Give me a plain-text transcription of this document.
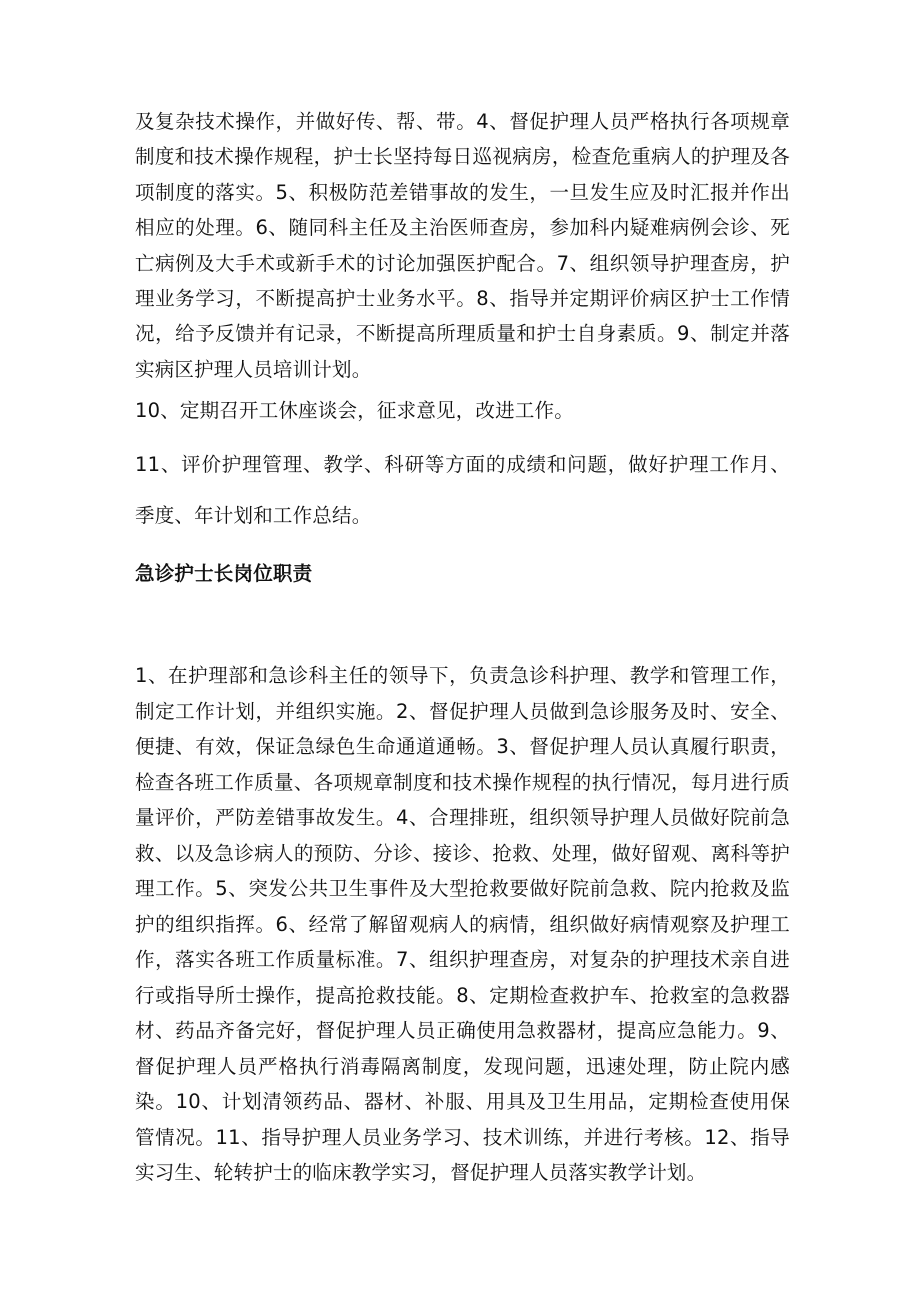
及复杂技术操作，并做好传、帮、带。4、督促护理人员严格执行各项规章制度和技术操作规程，护士长坚持每日巡视病房，检查危重病人的护理及各项制度的落实。5、积极防范差错事故的发生，一旦发生应及时汇报并作出相应的处理。6、随同科主任及主治医师查房，参加科内疑难病例会诊、死亡病例及大手术或新手术的讨论加强医护配合。7、组织领导护理查房，护理业务学习，不断提高护士业务水平。8、指导并定期评价病区护士工作情况，给予反馈并有记录，不断提高所理质量和护士自身素质。9、制定并落实病区护理人员培训计划。

10、定期召开工休座谈会，征求意见，改进工作。

11、评价护理管理、教学、科研等方面的成绩和问题，做好护理工作月、季度、年计划和工作总结。

急诊护士长岗位职责

1、在护理部和急诊科主任的领导下，负责急诊科护理、教学和管理工作，制定工作计划，并组织实施。2、督促护理人员做到急诊服务及时、安全、便捷、有效，保证急绿色生命通道通畅。3、督促护理人员认真履行职责，检查各班工作质量、各项规章制度和技术操作规程的执行情况，每月进行质量评价，严防差错事故发生。4、合理排班，组织领导护理人员做好院前急救、以及急诊病人的预防、分诊、接诊、抢救、处理，做好留观、离科等护理工作。5、突发公共卫生事件及大型抢救要做好院前急救、院内抢救及监护的组织指挥。6、经常了解留观病人的病情，组织做好病情观察及护理工作，落实各班工作质量标准。7、组织护理查房，对复杂的护理技术亲自进行或指导所士操作，提高抢救技能。8、定期检查救护车、抢救室的急救器材、药品齐备完好，督促护理人员正确使用急救器材，提高应急能力。9、督促护理人员严格执行消毒隔离制度，发现问题，迅速处理，防止院内感染。10、计划清领药品、器材、补服、用具及卫生用品，定期检查使用保管情况。11、指导护理人员业务学习、技术训练，并进行考核。12、指导实习生、轮转护士的临床教学实习，督促护理人员落实教学计划。
